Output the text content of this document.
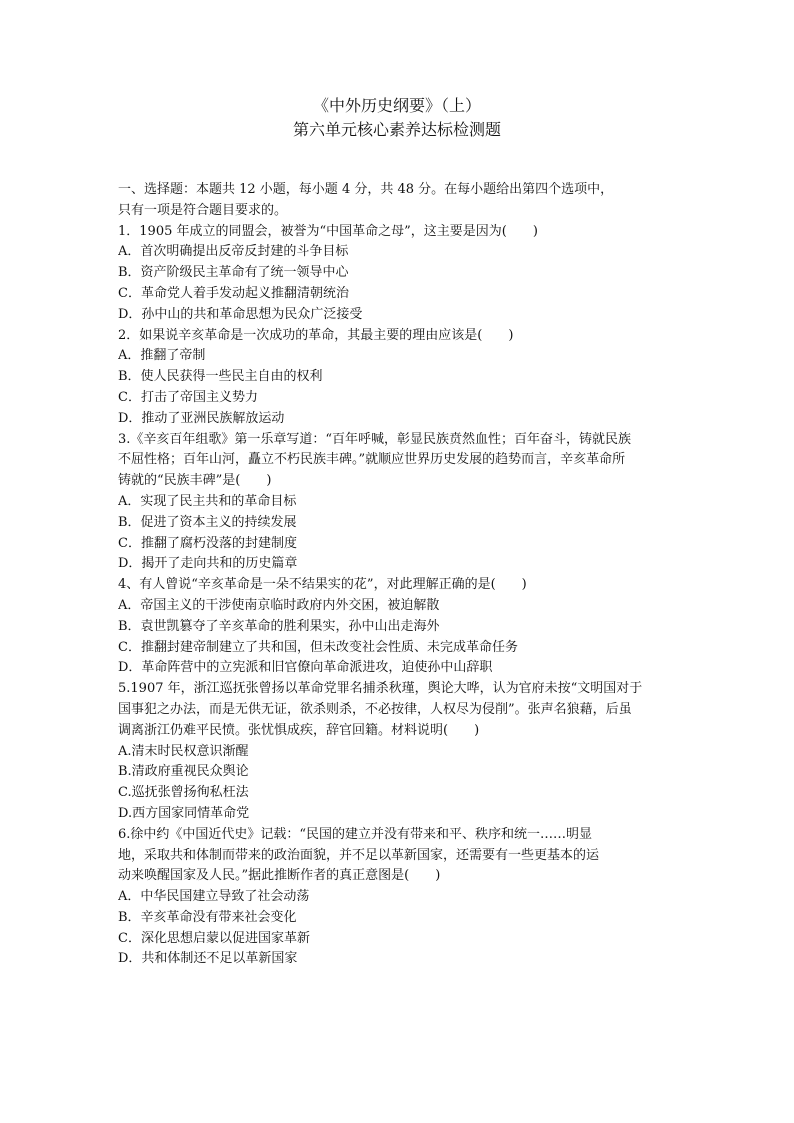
《中外历史纲要》（上）
第六单元核心素养达标检测题
一、选择题：本题共 12 小题，每小题 4 分，共 48 分。在每小题给出第四个选项中，
只有一项是符合题目要求的。
1．1905 年成立的同盟会，被誉为“中国革命之母”，这主要是因为(　　)
A．首次明确提出反帝反封建的斗争目标
B．资产阶级民主革命有了统一领导中心
C．革命党人着手发动起义推翻清朝统治
D．孙中山的共和革命思想为民众广泛接受
2．如果说辛亥革命是一次成功的革命，其最主要的理由应该是(　　)
A．推翻了帝制
B．使人民获得一些民主自由的权利
C．打击了帝国主义势力
D．推动了亚洲民族解放运动
3.《辛亥百年组歌》第一乐章写道：“百年呼喊，彰显民族贲然血性；百年奋斗，铸就民族
不屈性格；百年山河，矗立不朽民族丰碑。”就顺应世界历史发展的趋势而言，辛亥革命所
铸就的“民族丰碑”是(　　)
A．实现了民主共和的革命目标
B．促进了资本主义的持续发展
C．推翻了腐朽没落的封建制度
D．揭开了走向共和的历史篇章
4、有人曾说“辛亥革命是一朵不结果实的花”，对此理解正确的是(　　)
A．帝国主义的干涉使南京临时政府内外交困，被迫解散
B．袁世凯篡夺了辛亥革命的胜利果实，孙中山出走海外
C．推翻封建帝制建立了共和国，但未改变社会性质、未完成革命任务
D．革命阵营中的立宪派和旧官僚向革命派进攻，迫使孙中山辞职
5.1907 年，浙江巡抚张曾扬以革命党罪名捕杀秋瑾，舆论大哗，认为官府未按“文明国对于
国事犯之办法，而是无供无证，欲杀则杀，不必按律，人权尽为侵削”。张声名狼藉，后虽
调离浙江仍难平民愤。张忧惧成疾，辞官回籍。材料说明(　　)
A.清末时民权意识渐醒
B.清政府重视民众舆论
C.巡抚张曾扬徇私枉法
D.西方国家同情革命党
6.徐中约《中国近代史》记载：“民国的建立并没有带来和平、秩序和统一……明显
地，采取共和体制而带来的政治面貌，并不足以革新国家，还需要有一些更基本的运
动来唤醒国家及人民。”据此推断作者的真正意图是(　　)
A．中华民国建立导致了社会动荡
B．辛亥革命没有带来社会变化
C．深化思想启蒙以促进国家革新
D．共和体制还不足以革新国家
